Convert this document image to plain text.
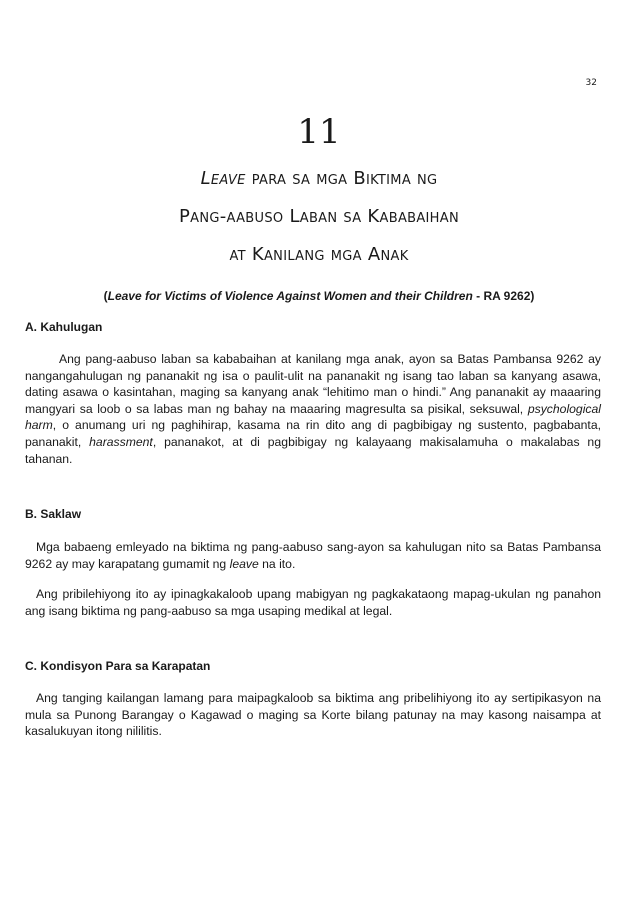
32
11
Leave para sa mga Biktima ng
Pang-aabuso Laban sa Kababaihan
at Kanilang mga Anak
(Leave for Victims of Violence Against Women and their Children - RA 9262)
A. Kahulugan
Ang pang-aabuso laban sa kababaihan at kanilang mga anak, ayon sa Batas Pambansa 9262 ay nangangahulugan ng pananakit ng isa o paulit-ulit na pananakit ng isang tao laban sa kanyang asawa, dating asawa o kasintahan, maging sa kanyang anak “lehitimo man o hindi.” Ang pananakit ay maaaring mangyari sa loob o sa labas man ng bahay na maaaring magresulta sa pisikal, seksuwal, psychological harm, o anumang uri ng paghihirap, kasama na rin dito ang di pagbibigay ng sustento, pagbabanta, pananakit, harassment, pananakot, at di pagbibigay ng kalayaang makisalamuha o makalabas ng tahanan.
B. Saklaw
Mga babaeng emleyado na biktima ng pang-aabuso sang-ayon sa kahulugan nito sa Batas Pambansa 9262 ay may karapatang gumamit ng leave na ito.
Ang pribilehiyong ito ay ipinagkakaloob upang mabigyan ng pagkakataong mapag-ukulan ng panahon ang isang biktima ng pang-aabuso sa mga usaping medikal at legal.
C. Kondisyon Para sa Karapatan
Ang tanging kailangan lamang para maipagkaloob sa biktima ang pribelihiyong ito ay sertipikasyon na mula sa Punong Barangay o Kagawad o maging sa Korte bilang patunay na may kasong naisampa at kasalukuyan itong nililitis.
